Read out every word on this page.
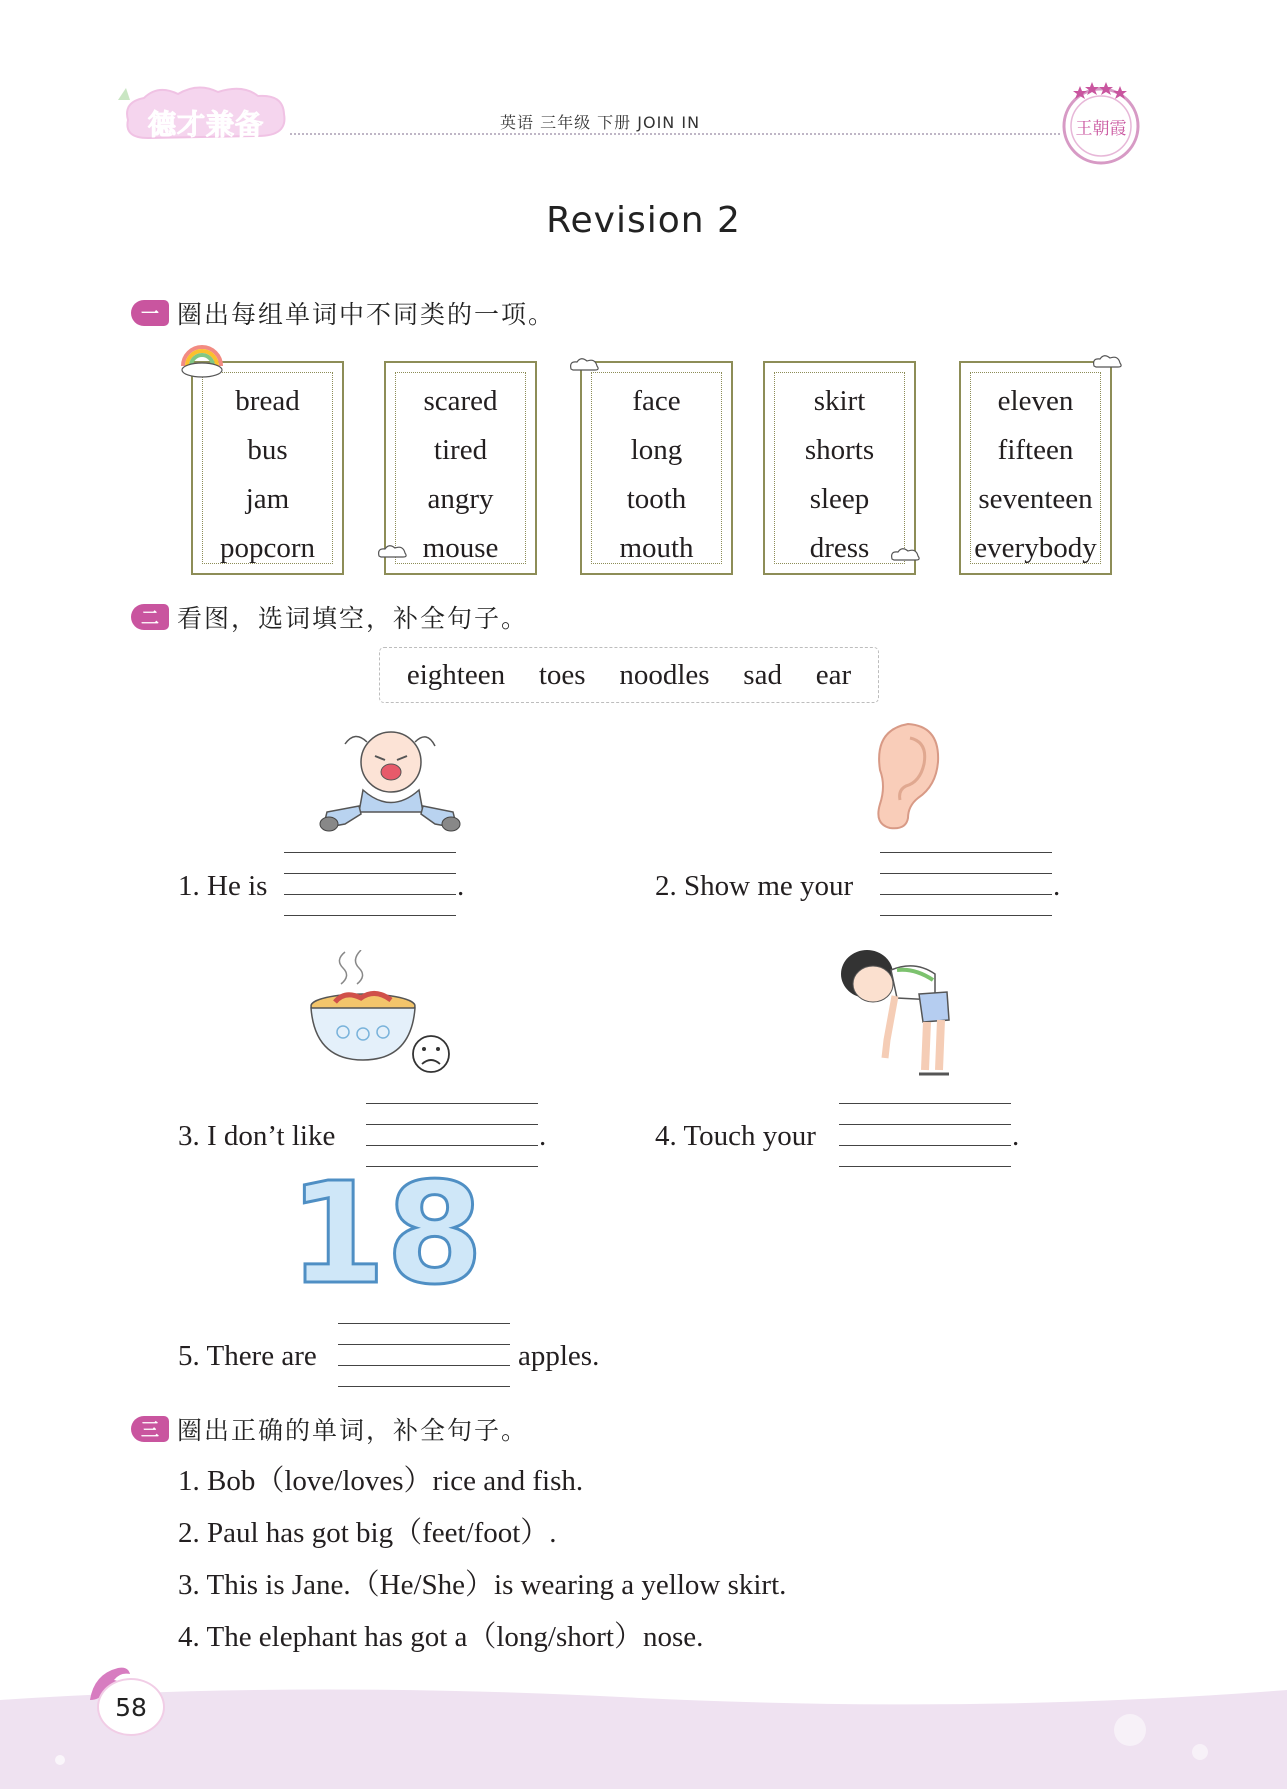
德才兼备	英语 三年级 下册 JOIN IN	王朝霞
Revision 2
一 圈出每组单词中不同类的一项。
bread
bus
jam
popcorn
scared
tired
angry
mouse
face
long
tooth
mouth
skirt
shorts
sleep
dress
eleven
fifteen
seventeen
everybody
二 看图，选词填空，补全句子。
eighteen toes noodles sad ear
1. He is	.	2. Show me your	.
3. I don’t like	.	4. Touch your	.
18
5. There are	apples.
三 圈出正确的单词，补全句子。
1. Bob（love/loves）rice and fish.
2. Paul has got big（feet/foot）.
3. This is Jane.（He/She）is wearing a yellow skirt.
4. The elephant has got a（long/short）nose.
58
